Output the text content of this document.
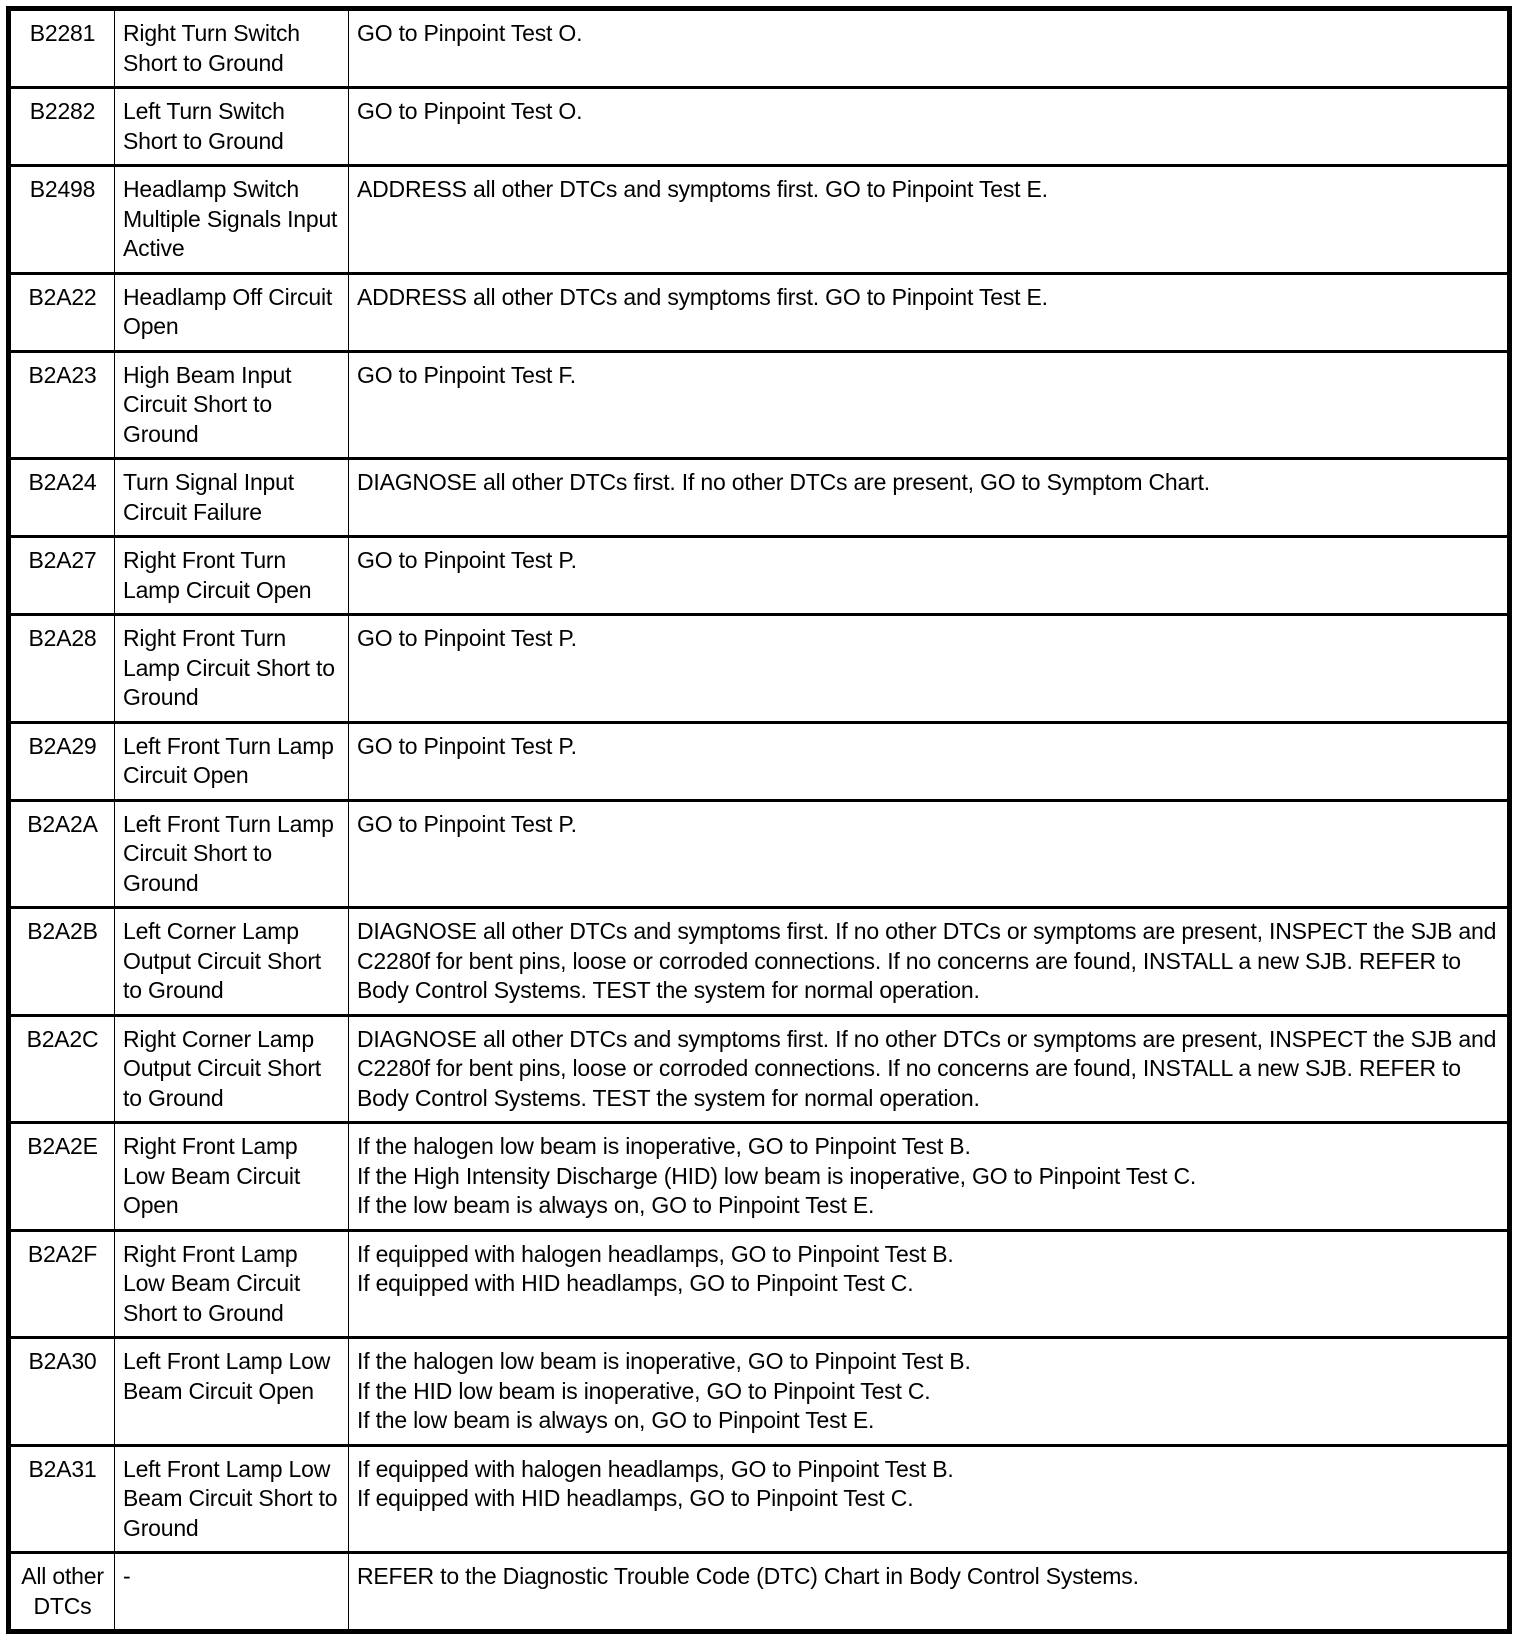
B2281	Right Turn Switch Short to Ground	GO to Pinpoint Test O.

B2282	Left Turn Switch Short to Ground	GO to Pinpoint Test O.

B2498	Headlamp Switch Multiple Signals Input Active	ADDRESS all other DTCs and symptoms first. GO to Pinpoint Test E.

B2A22	Headlamp Off Circuit Open	ADDRESS all other DTCs and symptoms first. GO to Pinpoint Test E.

B2A23	High Beam Input Circuit Short to Ground	GO to Pinpoint Test F.

B2A24	Turn Signal Input Circuit Failure	DIAGNOSE all other DTCs first. If no other DTCs are present, GO to Symptom Chart.

B2A27	Right Front Turn Lamp Circuit Open	GO to Pinpoint Test P.

B2A28	Right Front Turn Lamp Circuit Short to Ground	GO to Pinpoint Test P.

B2A29	Left Front Turn Lamp Circuit Open	GO to Pinpoint Test P.

B2A2A	Left Front Turn Lamp Circuit Short to Ground	GO to Pinpoint Test P.

B2A2B	Left Corner Lamp Output Circuit Short to Ground	DIAGNOSE all other DTCs and symptoms first. If no other DTCs or symptoms are present, INSPECT the SJB and C2280f for bent pins, loose or corroded connections. If no concerns are found, INSTALL a new SJB. REFER to Body Control Systems. TEST the system for normal operation.

B2A2C	Right Corner Lamp Output Circuit Short to Ground	DIAGNOSE all other DTCs and symptoms first. If no other DTCs or symptoms are present, INSPECT the SJB and C2280f for bent pins, loose or corroded connections. If no concerns are found, INSTALL a new SJB. REFER to Body Control Systems. TEST the system for normal operation.

B2A2E	Right Front Lamp Low Beam Circuit Open	If the halogen low beam is inoperative, GO to Pinpoint Test B.
If the High Intensity Discharge (HID) low beam is inoperative, GO to Pinpoint Test C.
If the low beam is always on, GO to Pinpoint Test E.

B2A2F	Right Front Lamp Low Beam Circuit Short to Ground	If equipped with halogen headlamps, GO to Pinpoint Test B.
If equipped with HID headlamps, GO to Pinpoint Test C.

B2A30	Left Front Lamp Low Beam Circuit Open	If the halogen low beam is inoperative, GO to Pinpoint Test B.
If the HID low beam is inoperative, GO to Pinpoint Test C.
If the low beam is always on, GO to Pinpoint Test E.

B2A31	Left Front Lamp Low Beam Circuit Short to Ground	If equipped with halogen headlamps, GO to Pinpoint Test B.
If equipped with HID headlamps, GO to Pinpoint Test C.

All other DTCs	-	REFER to the Diagnostic Trouble Code (DTC) Chart in Body Control Systems.
